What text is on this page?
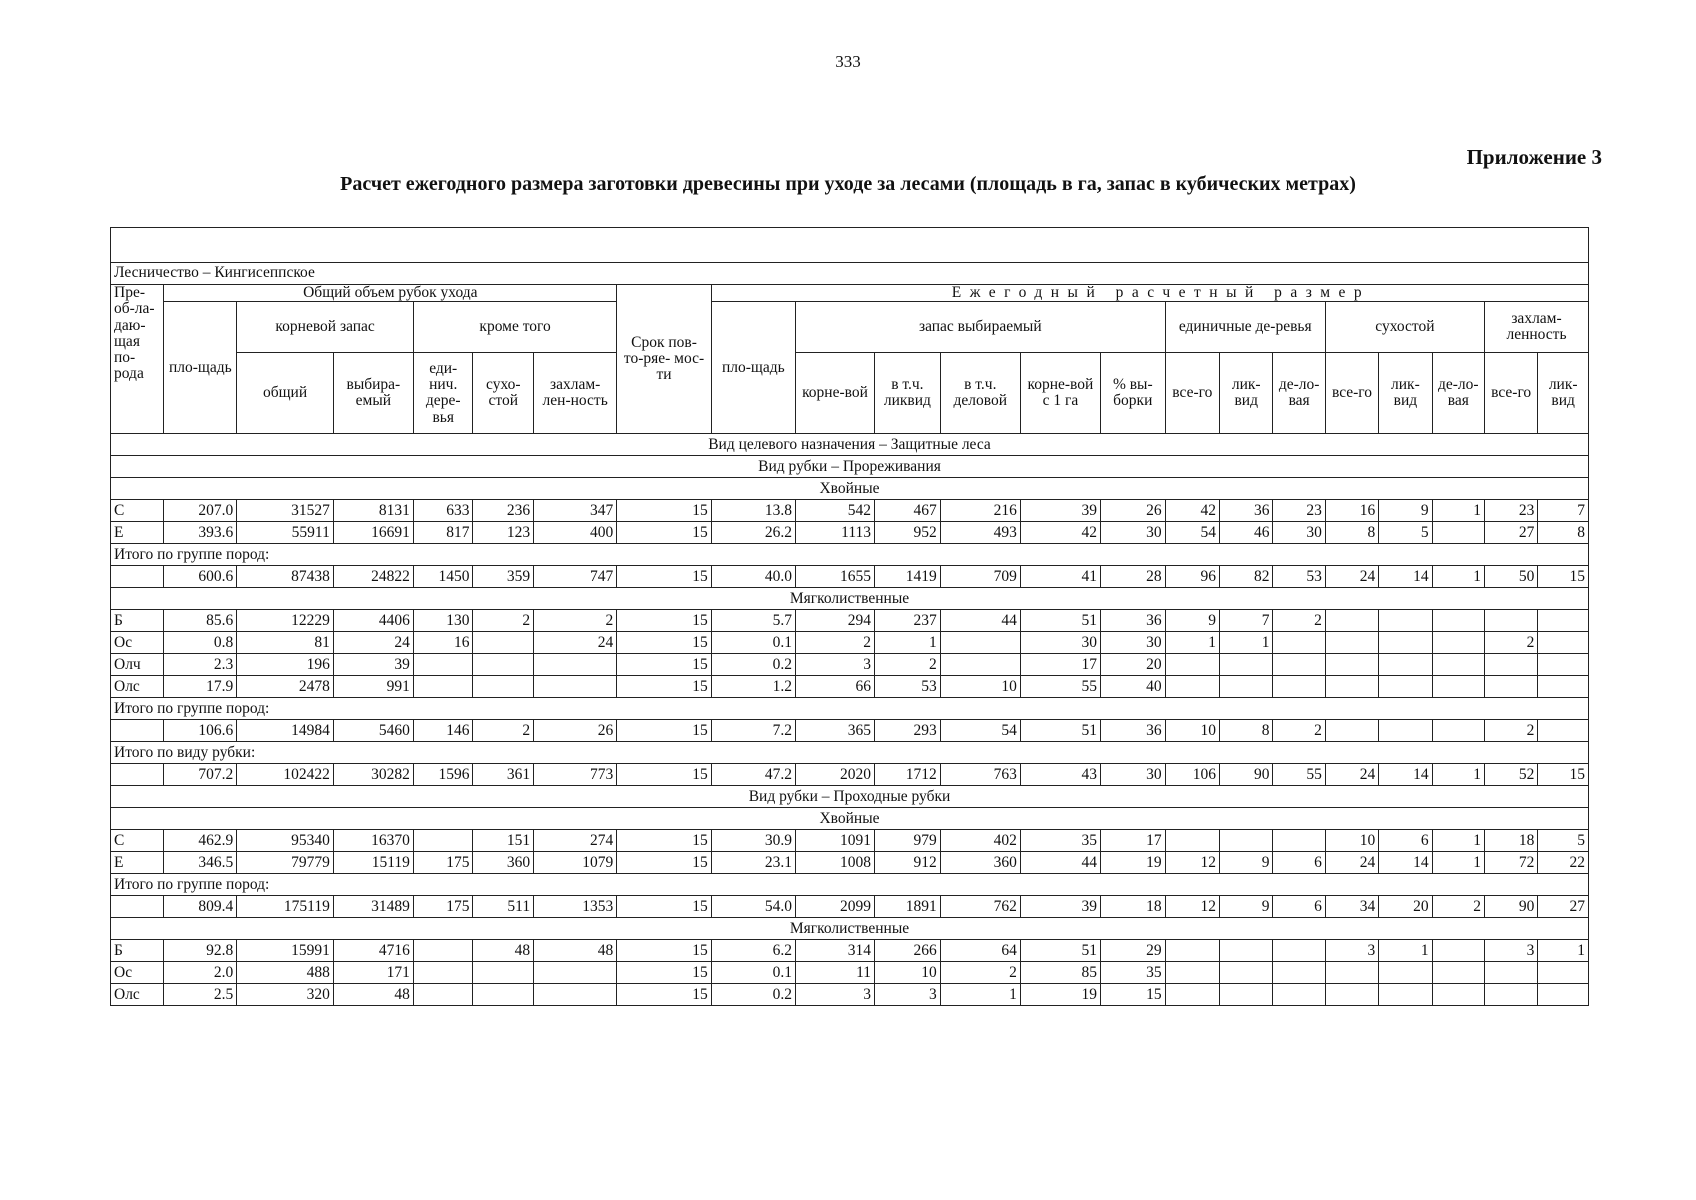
333
Приложение 3
Расчет ежегодного размера заготовки древесины при уходе за лесами (площадь в га, запас в кубических метрах)

Лесничество – Кингисеппское																					
Пре-об-ла-даю-щая по-рода	Общий объем рубок ухода						Срок пов- то-ряе- мос-ти	Ежегодный расчетный размер													
	пло-щадь	корневой запас		кроме того				пло-щадь	запас выбираемый					единичные де-ревья			сухостой			захлам-ленность	
		общий	выбира-емый	еди-нич. дере-вья	сухо-стой	захлам-лен-ность			корне-вой	в т.ч. ликвид	в т.ч. деловой	корне-вой с 1 га	% вы-борки	все-го	лик-вид	де-ло-вая	все-го	лик-вид	де-ло-вая	все-го	лик-вид
Вид целевого назначения – Защитные леса																					
Вид рубки – Прореживания																					
Хвойные																					
С	207.0	31527	8131	633	236	347	15	13.8	542	467	216	39	26	42	36	23	16	9	1	23	7
Е	393.6	55911	16691	817	123	400	15	26.2	1113	952	493	42	30	54	46	30	8	5		27	8
Итого по группе пород:																					
	600.6	87438	24822	1450	359	747	15	40.0	1655	1419	709	41	28	96	82	53	24	14	1	50	15
Мягколиственные																					
Б	85.6	12229	4406	130	2	2	15	5.7	294	237	44	51	36	9	7	2					
Ос	0.8	81	24	16		24	15	0.1	2	1		30	30	1	1					2	
Олч	2.3	196	39				15	0.2	3	2		17	20								
Олс	17.9	2478	991				15	1.2	66	53	10	55	40								
Итого по группе пород:																					
	106.6	14984	5460	146	2	26	15	7.2	365	293	54	51	36	10	8	2				2	
Итого по виду рубки:																					
	707.2	102422	30282	1596	361	773	15	47.2	2020	1712	763	43	30	106	90	55	24	14	1	52	15
Вид рубки – Проходные рубки																					
Хвойные																					
С	462.9	95340	16370		151	274	15	30.9	1091	979	402	35	17				10	6	1	18	5
Е	346.5	79779	15119	175	360	1079	15	23.1	1008	912	360	44	19	12	9	6	24	14	1	72	22
Итого по группе пород:																					
	809.4	175119	31489	175	511	1353	15	54.0	2099	1891	762	39	18	12	9	6	34	20	2	90	27
Мягколиственные																					
Б	92.8	15991	4716		48	48	15	6.2	314	266	64	51	29				3	1		3	1
Ос	2.0	488	171				15	0.1	11	10	2	85	35								
Олс	2.5	320	48				15	0.2	3	3	1	19	15								
